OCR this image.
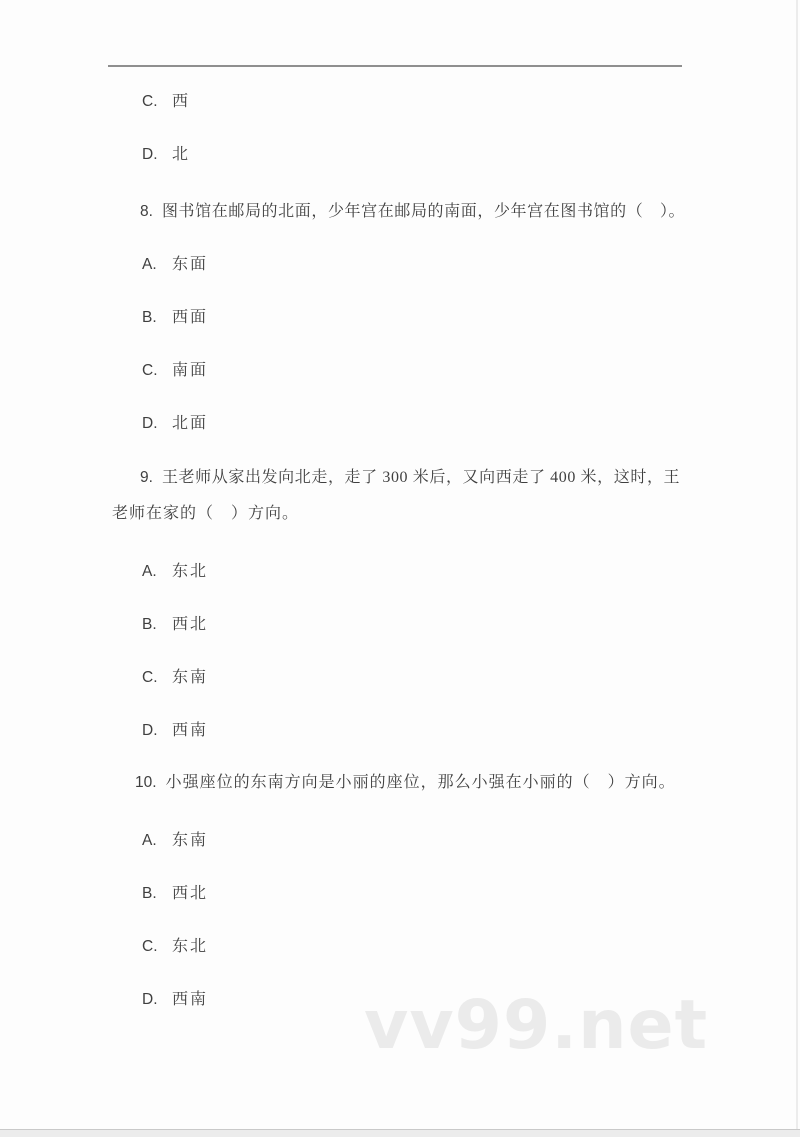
C. 西
D. 北
8. 图书馆在邮局的北面，少年宫在邮局的南面，少年宫在图书馆的（　）。
A. 东面
B. 西面
C. 南面
D. 北面
9. 王老师从家出发向北走，走了 300 米后，又向西走了 400 米，这时，王
老师在家的（　）方向。
A. 东北
B. 西北
C. 东南
D. 西南
10. 小强座位的东南方向是小丽的座位，那么小强在小丽的（　）方向。
A. 东南
B. 西北
C. 东北
D. 西南 vv99.net
